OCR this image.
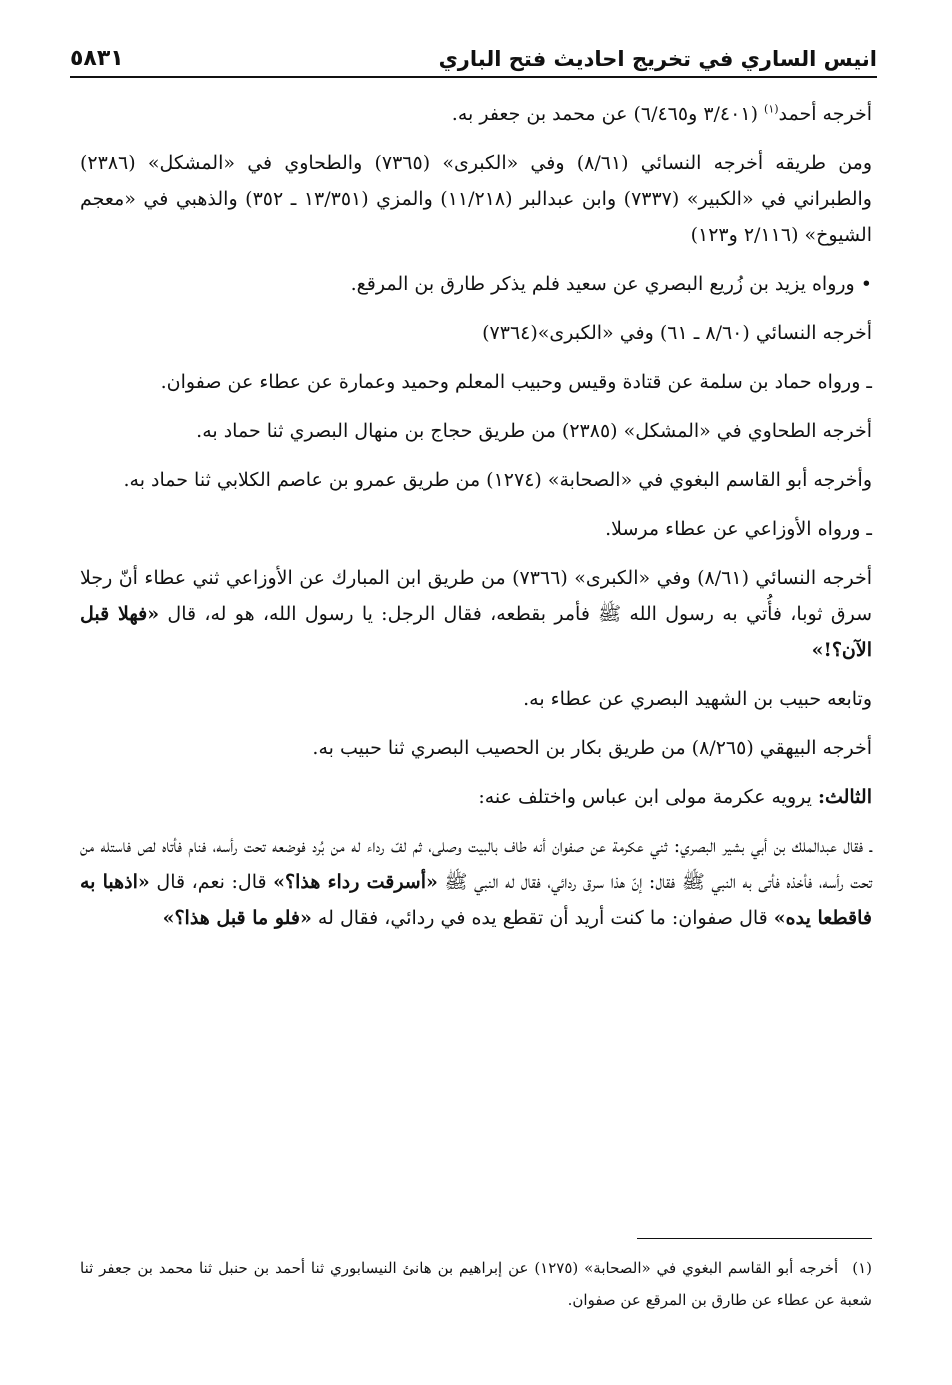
انيس الساري في تخريج احاديث فتح الباري
٥٨٣١

أخرجه أحمد$^{(١)}$ (٣/٤٠١ و٦/٤٦٥) عن محمد بن جعفر به.

ومن طريقه أخرجه النسائي (٨/٦١) وفي «الكبرى» (٧٣٦٥) والطحاوي في «المشكل» (٢٣٨٦) والطبراني في «الكبير» (٧٣٣٧) وابن عبدالبر (١١/٢١٨) والمزي (١٣/٣٥١ ـ ٣٥٢) والذهبي في «معجم الشيوخ» (٢/١١٦ و١٢٣)

• ورواه يزيد بن زُريع البصري عن سعيد فلم يذكر طارق بن المرقع.

أخرجه النسائي (٨/٦٠ ـ ٦١) وفي «الكبرى»(٧٣٦٤)

ـ ورواه حماد بن سلمة عن قتادة وقيس وحبيب المعلم وحميد وعمارة عن عطاء عن صفوان.

أخرجه الطحاوي في «المشكل» (٢٣٨٥) من طريق حجاج بن منهال البصري ثنا حماد به.

وأخرجه أبو القاسم البغوي في «الصحابة» (١٢٧٤) من طريق عمرو بن عاصم الكلابي ثنا حماد به.

ـ ورواه الأوزاعي عن عطاء مرسلا.

أخرجه النسائي (٨/٦١) وفي «الكبرى» (٧٣٦٦) من طريق ابن المبارك عن الأوزاعي ثني عطاء أنّ رجلا سرق ثوبا، فأُتي به رسول الله ﷺ فأمر بقطعه، فقال الرجل: يا رسول الله، هو له، قال «فهلا قبل الآن؟!»

وتابعه حبيب بن الشهيد البصري عن عطاء به.

أخرجه البيهقي (٨/٢٦٥) من طريق بكار بن الحصيب البصري ثنا حبيب به.

الثالث: يرويه عكرمة مولى ابن عباس واختلف عنه:

ـ فقال عبدالملك بن أبي بشير البصري: ثني عكرمة عن صفوان أنه طاف بالبيت وصلى، ثم لفّ رداء له من بُرد فوضعه تحت رأسه، فنام فأتاه لص فاستله من تحت رأسه، فأخذه فأتى به النبي ﷺ فقال: إنّ هذا سرق ردائي، فقال له النبي ﷺ «أسرقت رداء هذا؟» قال: نعم، قال «اذهبا به فاقطعا يده» قال صفوان: ما كنت أريد أن تقطع يده في ردائي، فقال له «فلو ما قبل هذا؟»

(١)أخرجه أبو القاسم البغوي في «الصحابة» (١٢٧٥) عن إبراهيم بن هانئ النيسابوري ثنا أحمد بن حنبل ثنا محمد بن جعفر ثنا شعبة عن عطاء عن طارق بن المرقع عن صفوان.
